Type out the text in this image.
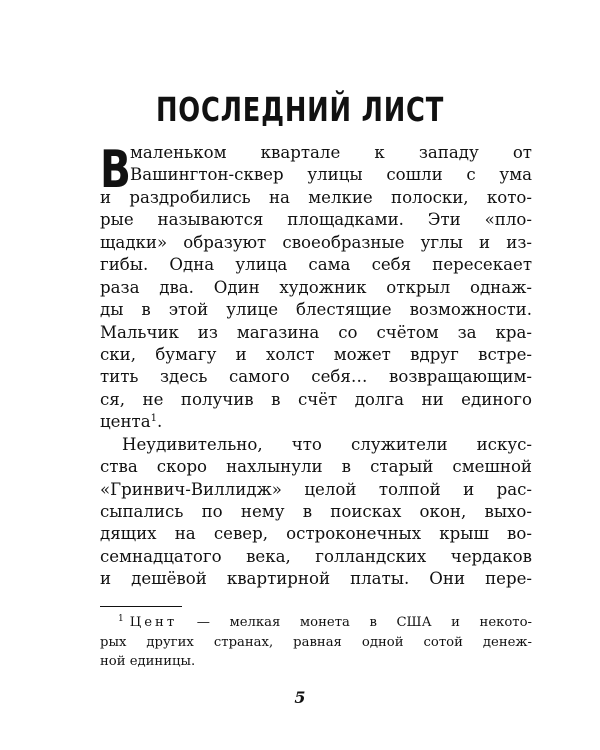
ПОСЛЕДНИЙ ЛИСТ
В маленьком квартале к западу от
Вашингтон-сквер улицы сошли с ума
и раздробились на мелкие полоски, кото-
рые называются площадками. Эти «пло-
щадки» образуют своеобразные углы и из-
гибы. Одна улица сама себя пересекает
раза два. Один художник открыл однаж-
ды в этой улице блестящие возможности.
Мальчик из магазина со счётом за кра-
ски, бумагу и холст может вдруг встре-
тить здесь самого себя… возвращающим-
ся, не получив в счёт долга ни единого
цента$^1$.
Неудивительно, что служители искус-
ства скоро нахлынули в старый смешной
«Гринвич-Виллидж» целой толпой и рас-
сыпались по нему в поисках окон, выхо-
дящих на север, остроконечных крыш во-
семнадцатого века, голландских чердаков
и дешёвой квартирной платы. Они пере-
$^1$ Цент — мелкая монета в США и некото-
рых других странах, равная одной сотой денеж-
ной единицы.
5
